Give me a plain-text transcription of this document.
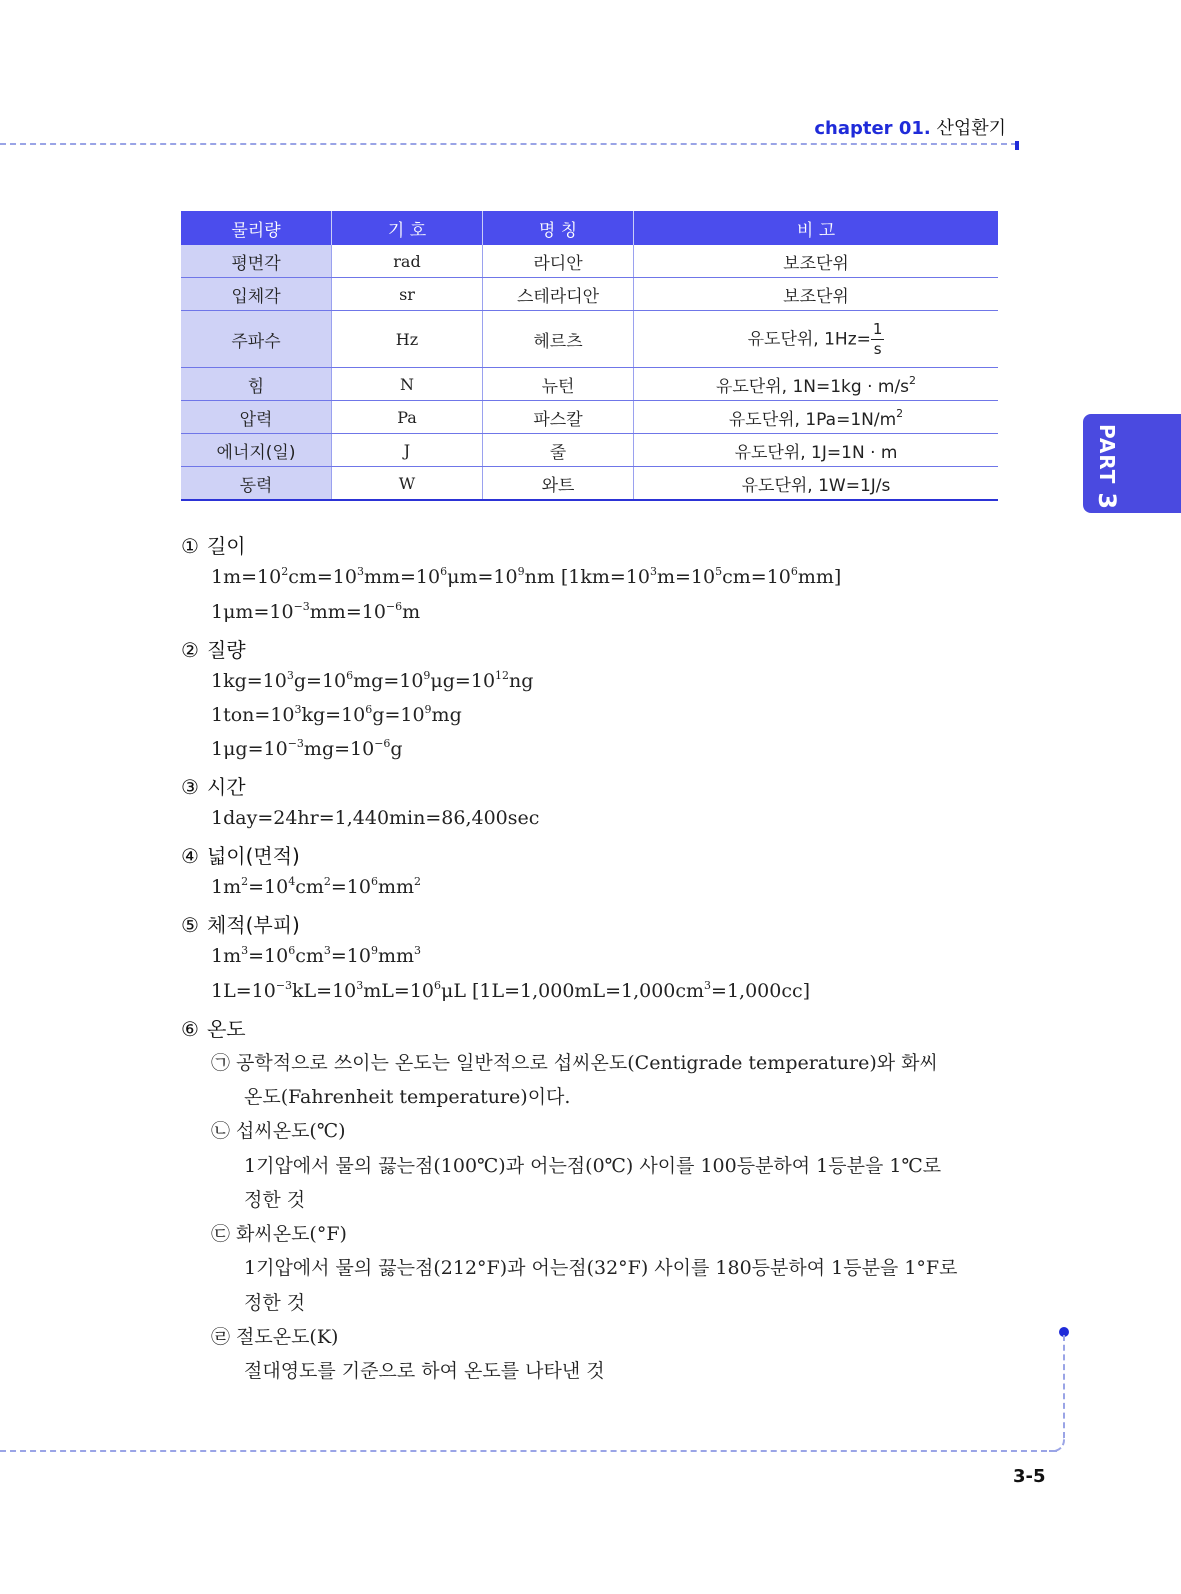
chapter 01. 산업환기
PART 3
물리량	기 호	명 칭	비 고
평면각	rad	라디안	보조단위
입체각	sr	스테라디안	보조단위
주파수	Hz	헤르츠	유도단위, $1Hz= \frac{1}{s}$

힘	N	뉴턴	유도단위, $1N=1kg \cdot m/s^2$
압력	Pa	파스칼	유도단위, $1Pa=1N/m^2$
에너지(일)	J	줄	유도단위, 1J=1N · m
동력	W	와트	유도단위, 1W=1J/s
① 길이
$1m=10^2cm=10^3mm=10^6\mu m=10^9nm$ $[1km=10^3m=10^5cm=10^6mm]$
$1\mu m=10^{-3}mm=10^{-6}m$
② 질량
$1kg=10^3g=10^6mg=10^9\mu g=10^{12}ng$
$1ton=10^3kg=10^6g=10^9mg$
$1\mu g=10^{-3}mg=10^{-6}g$
③ 시간
1day=24hr=1,440min=86,400sec
④ 넓이(면적)
$1m^2=10^4cm^2=10^6mm^2$
⑤ 체적(부피)
$1m^3=10^6cm^3=10^9mm^3$
$1L=10^{-3}kL=10^3mL=10^6\mu L$ $[1L=1,000mL=1,000cm^3=1,000cc]$
⑥ 온도
㉠ 공학적으로 쓰이는 온도는 일반적으로 섭씨온도(Centigrade temperature)와 화씨
온도(Fahrenheit temperature)이다.
㉡ 섭씨온도(℃)
1기압에서 물의 끓는점(100℃)과 어는점(0℃) 사이를 100등분하여 1등분을 1℃로
정한 것
㉢ 화씨온도(°F)
1기압에서 물의 끓는점(212°F)과 어는점(32°F) 사이를 180등분하여 1등분을 1°F로
정한 것
㉣ 절도온도(K)
절대영도를 기준으로 하여 온도를 나타낸 것
3-5
